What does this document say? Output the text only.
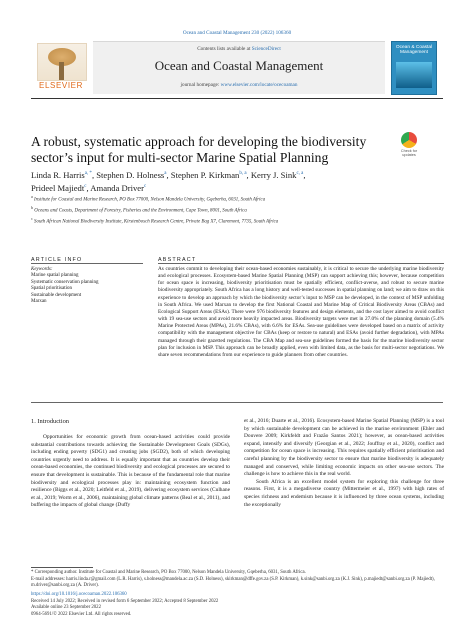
Ocean and Coastal Management 230 (2022) 106360
ELSEVIER
Contents lists available at ScienceDirect
Ocean and Coastal Management
journal homepage: www.elsevier.com/locate/ocecoaman
Ocean & Coastal Management
A robust, systematic approach for developing the biodiversity sector’s input for multi-sector Marine Spatial Planning	Check for updates
Linda R. Harris$^{a, *}$, Stephen D. Holness$^a$, Stephen P. Kirkman$^{b, a}$, Kerry J. Sink$^{c, a}$,
Prideel Majiedt$^c$, Amanda Driver$^c$

$^a$ Institute for Coastal and Marine Research, PO Box 77000, Nelson Mandela University, Gqeberha, 6031, South Africa

$^b$ Oceans and Coasts, Department of Forestry, Fisheries and the Environment, Cape Town, 8001, South Africa

$^c$ South African National Biodiversity Institute, Kirstenbosch Research Centre, Private Bag X7, Claremont, 7735, South Africa

ARTICLE INFO	ABSTRACT

Keywords:

Marine spatial planning

Systematic conservation planning

Spatial prioritisation

Sustainable development

Marxan

As countries commit to developing their ocean-based economies sustainably, it is critical to secure the underlying marine biodiversity and ecological processes. Ecosystem-based Marine Spatial Planning (MSP) can support achieving this; however, because competition for ocean space is increasing, biodiversity prioritisation must be spatially efficient, conflict-averse, and robust to secure marine biodiversity appropriately. South Africa has a long history and well-tested successes in spatial planning on land; we aim to draw on this experience to develop an approach by which the biodiversity sector’s input to MSP can be developed, in the context of MSP unfolding in South Africa. We used Marxan to develop the first National Coastal and Marine Map of Critical Biodiversity Areas (CBAs) and Ecological Support Areas (ESAs). There were 976 biodiversity features and design elements, and the cost layer aimed to avoid conflict with 19 sea-use sectors and avoid more heavily impacted areas. Biodiversity targets were met in 27.0% of the planning domain (5.4% Marine Protected Areas (MPAs), 21.6% CBAs), with 6.6% for ESAs. Sea-use guidelines were developed based on a matrix of activity compatibility with the management objective for CBAs (keep or restore to natural) and ESAs (avoid further degradation), with MPAs managed through their gazetted regulations. The CBA Map and sea-use guidelines formed the basis for the marine biodiversity sector plan for inclusion in MSP. This approach can be broadly applied, even with limited data, as the basis for multi-sector negotiations. We share seven recommendations from our experience to guide planners from other countries.

1. Introduction

Opportunities for economic growth from ocean-based activities could provide substantial contributions towards achieving the Sustainable Development Goals (SDGs), including ending poverty (SDG1) and creating jobs (SGD2), both of which developing countries urgently need to address. It is equally important that as countries develop their ocean-based economies, the continued biodiversity and ecological processes are secured to ensure that development is sustainable. This is because of the fundamental role that marine biodiversity and ecological processes play in: maintaining ecosystem function and resilience (Biggs et al., 2020; Leitfeld et al., 2019), delivering ecosystem services (Culhane et al., 2019; Worm et al., 2006), maintaining global climate patterns (Beal et al., 2011), and buffering the impacts of global change (Duffy

et al., 2016; Duarte et al., 2016). Ecosystem-based Marine Spatial Planning (MSP) is a tool by which sustainable development can be achieved in the marine environment (Ehler and Douvere 2009; Kirkfeldt and Frazão Santos 2021); however, as ocean-based activities expand, intensify and diversify (Georgian et al., 2022; Jouffray et al., 2020), conflict and competition for ocean space is increasing. This requires spatially efficient prioritisation and careful planning by the biodiversity sector to ensure that marine biodiversity is adequately managed and conserved, while limiting economic impacts on other sea-use sectors. The challenge is how to achieve this in the real world.

South Africa is an excellent model system for exploring this challenge for three reasons. First, it is a megadiverse country (Mittermeier et al., 1997) with high rates of species richness and endemism because it is influenced by three ocean systems, including the exceptionally

* Corresponding author. Institute for Coastal and Marine Research, PO Box 77000, Nelson Mandela University, Gqeberha, 6031, South Africa.

E-mail addresses: harris.linda.r@gmail.com (L.R. Harris), s.holness@mandela.ac.za (S.D. Holness), skirkman@dffe.gov.za (S.P. Kirkman), k.sink@sanbi.org.za (K.J. Sink), p.majiedt@sanbi.org.za (P. Majiedt), m.driver@sanbi.org.za (A. Driver).

https://doi.org/10.1016/j.ocecoaman.2022.106360

Received 14 July 2022; Received in revised form 6 September 2022; Accepted 8 September 2022

Available online 23 September 2022

0964-5691/© 2022 Elsevier Ltd. All rights reserved.
